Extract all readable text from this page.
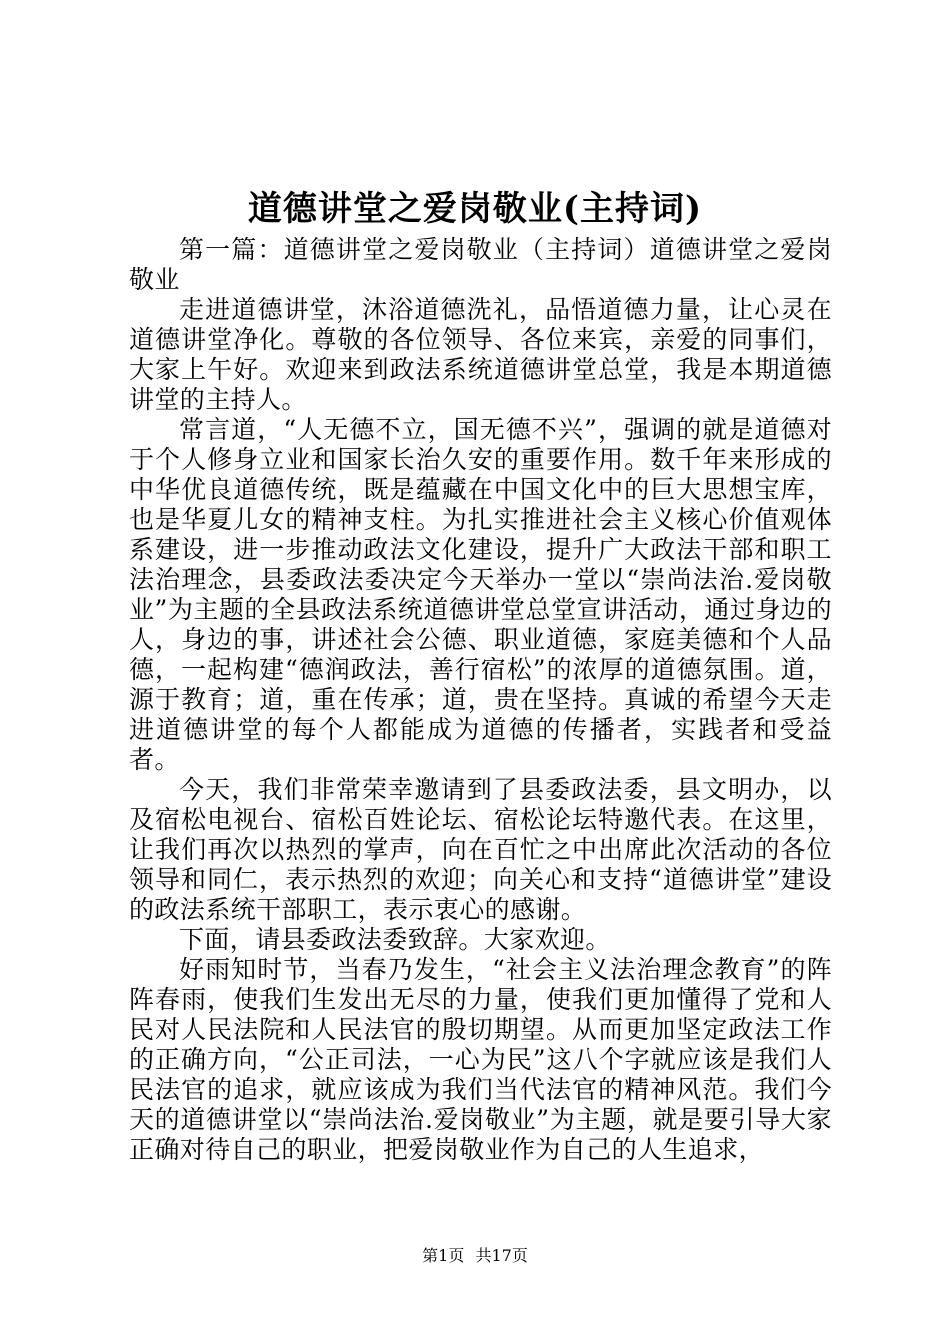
道德讲堂之爱岗敬业(主持词)

第一篇：道德讲堂之爱岗敬业（主持词）道德讲堂之爱岗敬业

走进道德讲堂，沐浴道德洗礼，品悟道德力量，让心灵在道德讲堂净化。尊敬的各位领导、各位来宾，亲爱的同事们，大家上午好。欢迎来到政法系统道德讲堂总堂，我是本期道德讲堂的主持人。

常言道，“人无德不立，国无德不兴”，强调的就是道德对于个人修身立业和国家长治久安的重要作用。数千年来形成的中华优良道德传统，既是蕴藏在中国文化中的巨大思想宝库，也是华夏儿女的精神支柱。为扎实推进社会主义核心价值观体系建设，进一步推动政法文化建设，提升广大政法干部和职工法治理念，县委政法委决定今天举办一堂以“崇尚法治.爱岗敬业”为主题的全县政法系统道德讲堂总堂宣讲活动，通过身边的人，身边的事，讲述社会公德、职业道德，家庭美德和个人品德，一起构建“德润政法，善行宿松”的浓厚的道德氛围。道，源于教育；道，重在传承；道，贵在坚持。真诚的希望今天走进道德讲堂的每个人都能成为道德的传播者，实践者和受益者。

今天，我们非常荣幸邀请到了县委政法委，县文明办，以及宿松电视台、宿松百姓论坛、宿松论坛特邀代表。在这里，让我们再次以热烈的掌声，向在百忙之中出席此次活动的各位领导和同仁，表示热烈的欢迎；向关心和支持“道德讲堂”建设的政法系统干部职工，表示衷心的感谢。

下面，请县委政法委致辞。大家欢迎。

好雨知时节，当春乃发生，“社会主义法治理念教育”的阵阵春雨，使我们生发出无尽的力量，使我们更加懂得了党和人民对人民法院和人民法官的殷切期望。从而更加坚定政法工作的正确方向，“公正司法，一心为民”这八个字就应该是我们人民法官的追求，就应该成为我们当代法官的精神风范。我们今天的道德讲堂以“崇尚法治.爱岗敬业”为主题，就是要引导大家正确对待自己的职业，把爱岗敬业作为自己的人生追求，

第1页 共17页
